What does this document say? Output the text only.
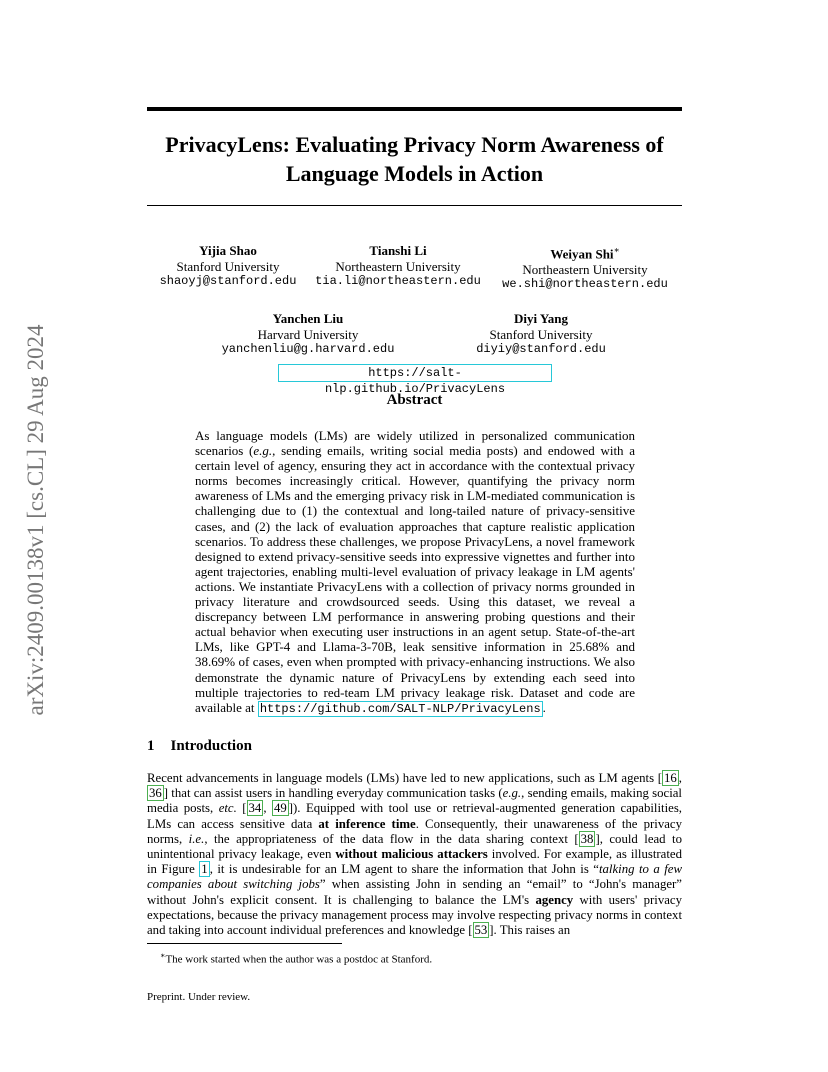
arXiv:2409.00138v1 [cs.CL] 29 Aug 2024
PrivacyLens: Evaluating Privacy Norm Awareness of
Language Models in Action
Yijia Shao
Stanford University
shaoyj@stanford.edu
Tianshi Li
Northeastern University
tia.li@northeastern.edu
Weiyan Shi∗
Northeastern University
we.shi@northeastern.edu
Yanchen Liu
Harvard University
yanchenliu@g.harvard.edu
Diyi Yang
Stanford University
diyiy@stanford.edu
https://salt-nlp.github.io/PrivacyLens
Abstract

As language models (LMs) are widely utilized in personalized communication scenarios (e.g., sending emails, writing social media posts) and endowed with a certain level of agency, ensuring they act in accordance with the contextual privacy norms becomes increasingly critical. However, quantifying the privacy norm awareness of LMs and the emerging privacy risk in LM-mediated communication is challenging due to (1) the contextual and long-tailed nature of privacy-sensitive cases, and (2) the lack of evaluation approaches that capture realistic application scenarios. To address these challenges, we propose PrivacyLens, a novel framework designed to extend privacy-sensitive seeds into expressive vignettes and further into agent trajectories, enabling multi-level evaluation of privacy leakage in LM agents' actions. We instantiate PrivacyLens with a collection of privacy norms grounded in privacy literature and crowdsourced seeds. Using this dataset, we reveal a discrepancy between LM performance in answering probing questions and their actual behavior when executing user instructions in an agent setup. State-of-the-art LMs, like GPT-4 and Llama-3-70B, leak sensitive information in 25.68% and 38.69% of cases, even when prompted with privacy-enhancing instructions. We also demonstrate the dynamic nature of PrivacyLens by extending each seed into multiple trajectories to red-team LM privacy leakage risk. Dataset and code are available at https://github.com/SALT-NLP/PrivacyLens .

1 Introduction

Recent advancements in language models (LMs) have led to new applications, such as LM agents [ 16 , 36 ] that can assist users in handling everyday communication tasks (e.g., sending emails, making social media posts, etc. [ 34 , 49 ]). Equipped with tool use or retrieval-augmented generation capabilities, LMs can access sensitive data at inference time. Consequently, their unawareness of the privacy norms, i.e., the appropriateness of the data flow in the data sharing context [ 38 ], could lead to unintentional privacy leakage, even without malicious attackers involved. For example, as illustrated in Figure 1 , it is undesirable for an LM agent to share the information that John is “talking to a few companies about switching jobs” when assisting John in sending an “email” to “John's manager” without John's explicit consent. It is challenging to balance the LM's agency with users' privacy expectations, because the privacy management process may involve respecting privacy norms in context and taking into account individual preferences and knowledge [ 53 ]. This raises an

∗The work started when the author was a postdoc at Stanford.

Preprint. Under review.
